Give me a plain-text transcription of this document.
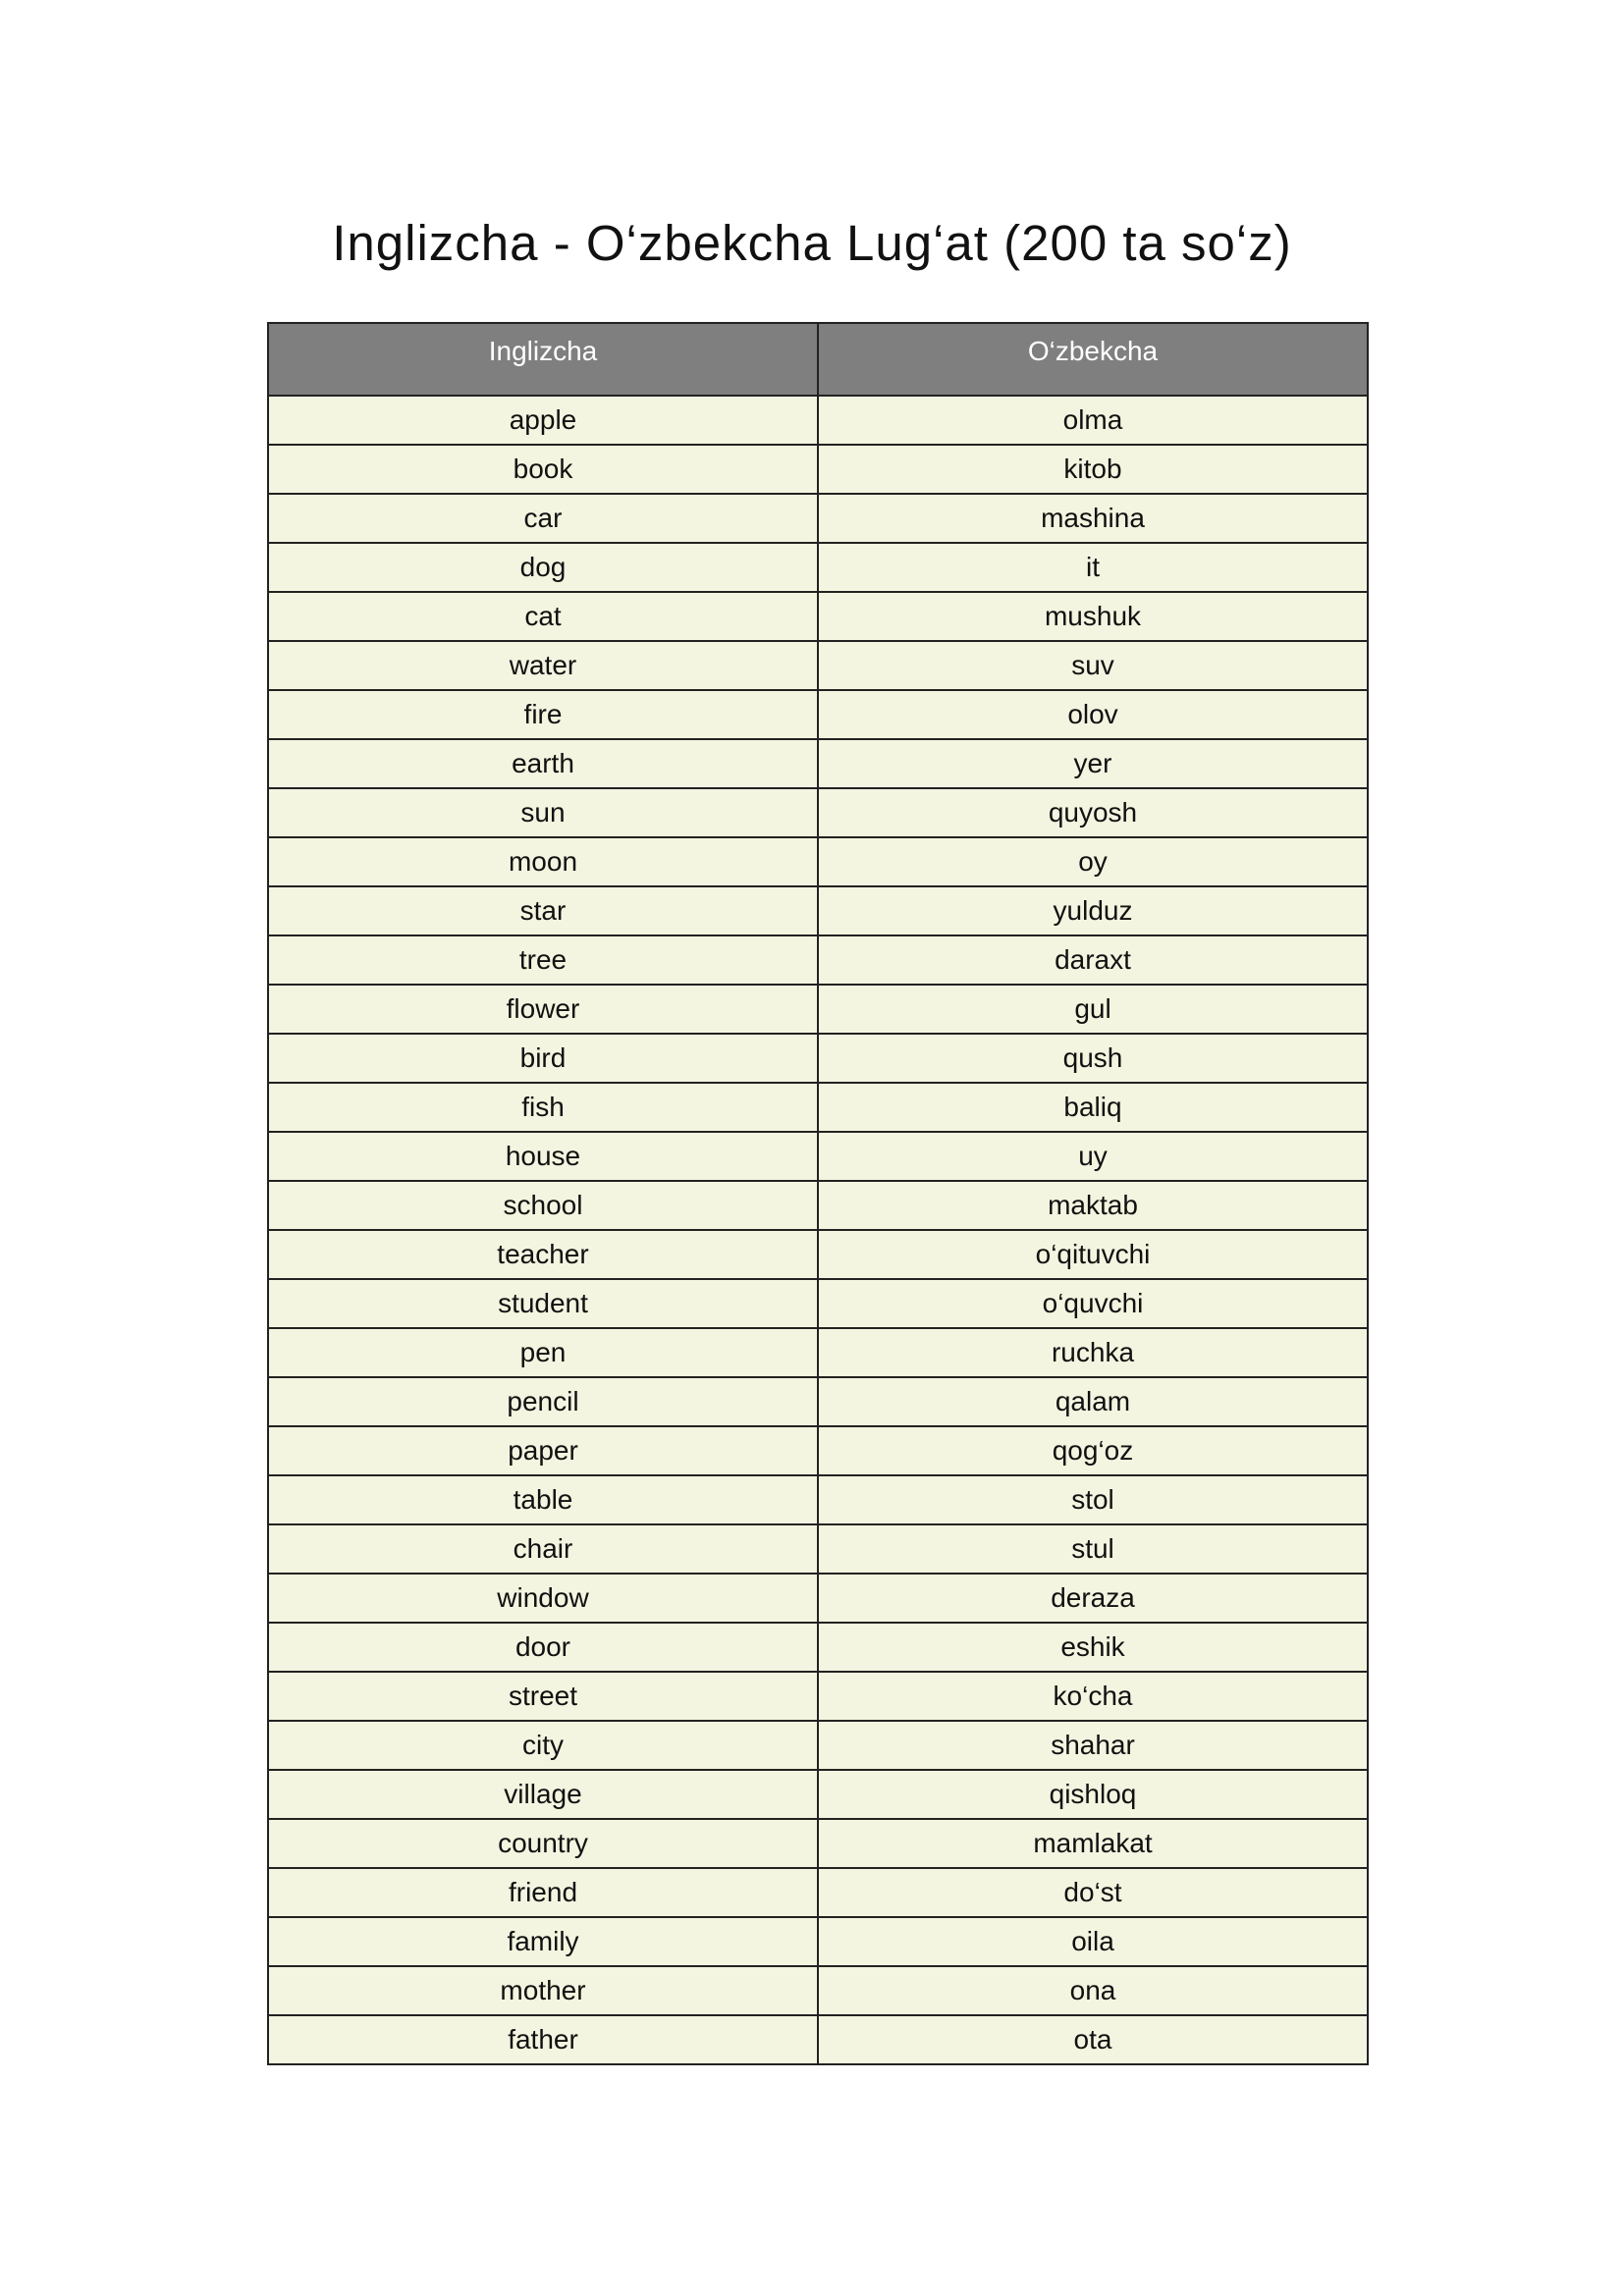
Inglizcha - O‘zbekcha Lug‘at (200 ta so‘z)
Inglizcha	O‘zbekcha
apple	olma
book	kitob
car	mashina
dog	it
cat	mushuk
water	suv
fire	olov
earth	yer
sun	quyosh
moon	oy
star	yulduz
tree	daraxt
flower	gul
bird	qush
fish	baliq
house	uy
school	maktab
teacher	o‘qituvchi
student	o‘quvchi
pen	ruchka
pencil	qalam
paper	qog‘oz
table	stol
chair	stul
window	deraza
door	eshik
street	ko‘cha
city	shahar
village	qishloq
country	mamlakat
friend	do‘st
family	oila
mother	ona
father	ota
